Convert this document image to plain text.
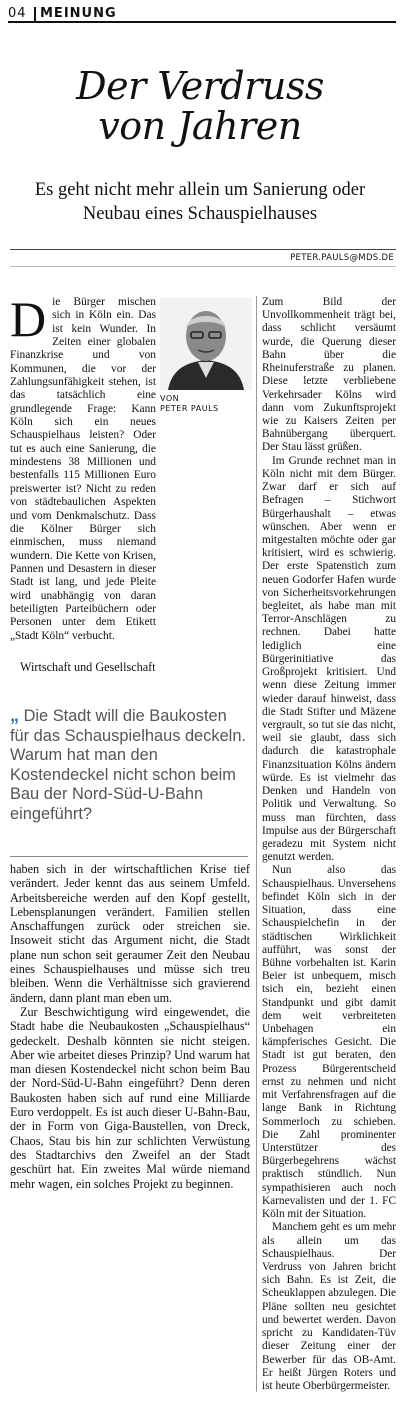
04 MEINUNG
Der Verdruss
von Jahren
Es geht nicht mehr allein um Sanierung oder Neubau eines Schauspielhauses
PETER.PAULS@MDS.DE

Die Bürger mischen sich in Köln ein. Das ist kein Wunder. In Zeiten einer globalen Finanzkrise und von Kommunen, die vor der Zahlungsunfähigkeit stehen, ist das tatsächlich eine grundlegende Frage: Kann Köln sich ein neues Schauspielhaus leisten? Oder tut es auch eine Sanierung, die mindestens 38 Millionen und bestenfalls 115 Millionen Euro preiswerter ist? Nicht zu reden von städtebaulichen Aspekten und vom Denkmalschutz. Dass die Kölner Bürger sich einmischen, muss niemand wundern. Die Kette von Krisen, Pannen und Desastern in dieser Stadt ist lang, und jede Pleite wird unabhängig von daran beteiligten Parteibüchern oder Personen unter dem Etikett „Stadt Köln“ verbucht.

VON
PETER PAULS

Wirtschaft und Gesellschaft

„ Die Stadt will die Baukosten für das Schauspielhaus deckeln. Warum hat man den Kostendeckel nicht schon beim Bau der Nord-Süd-U-Bahn eingeführt?

haben sich in der wirtschaftlichen Krise tief verändert. Jeder kennt das aus seinem Umfeld. Arbeitsbereiche werden auf den Kopf gestellt, Lebensplanungen verändert. Familien stellen Anschaffungen zurück oder streichen sie. Insoweit sticht das Argument nicht, die Stadt plane nun schon seit geraumer Zeit den Neubau eines Schauspielhauses und müsse sich treu bleiben. Wenn die Verhältnisse sich gravierend ändern, dann plant man eben um.

Zur Beschwichtigung wird eingewendet, die Stadt habe die Neubaukosten „Schauspielhaus“ gedeckelt. Deshalb könnten sie nicht steigen. Aber wie arbeitet dieses Prinzip? Und warum hat man diesen Kostendeckel nicht schon beim Bau der Nord-Süd-U-Bahn eingeführt? Denn deren Baukosten haben sich auf rund eine Milliarde Euro verdoppelt. Es ist auch dieser U-Bahn-Bau, der in Form von Giga-Baustellen, von Dreck, Chaos, Stau bis hin zur schlichten Verwüstung des Stadtarchivs den Zweifel an der Stadt geschürt hat. Ein zweites Mal würde niemand mehr wagen, ein solches Projekt zu beginnen.

Zum Bild der Unvollkommenheit trägt bei, dass schlicht versäumt wurde, die Querung dieser Bahn über die Rheinuferstraße zu planen. Diese letzte verbliebene Verkehrsader Kölns wird dann vom Zukunftsprojekt wie zu Kaisers Zeiten per Bahnübergang überquert. Der Stau lässt grüßen.

Im Grunde rechnet man in Köln nicht mit dem Bürger. Zwar darf er sich auf Befragen – Stichwort Bürgerhaushalt – etwas wünschen. Aber wenn er mitgestalten möchte oder gar kritisiert, wird es schwierig. Der erste Spatenstich zum neuen Godorfer Hafen wurde von Sicherheitsvorkehrungen begleitet, als habe man mit Terror-Anschlägen zu rechnen. Dabei hatte lediglich eine Bürgerinitiative das Großprojekt kritisiert. Und wenn diese Zeitung immer wieder darauf hinweist, dass die Stadt Stifter und Mäzene vergrault, so tut sie das nicht, weil sie glaubt, dass sich dadurch die katastrophale Finanzsituation Kölns ändern würde. Es ist vielmehr das Denken und Handeln von Politik und Verwaltung. So muss man fürchten, dass Impulse aus der Bürgerschaft geradezu mit System nicht genutzt werden.

Nun also das Schauspielhaus. Unversehens befindet Köln sich in der Situation, dass eine Schauspielchefin in der städtischen Wirklichkeit aufführt, was sonst der Bühne vorbehalten ist. Karin Beier ist unbequem, misch tsich ein, bezieht einen Standpunkt und gibt damit dem weit verbreiteten Unbehagen ein kämpferisches Gesicht. Die Stadt ist gut beraten, den Prozess Bürgerentscheid ernst zu nehmen und nicht mit Verfahrensfragen auf die lange Bank in Richtung Sommerloch zu schieben. Die Zahl prominenter Unterstützer des Bürgerbegehrens wächst praktisch stündlich. Nun sympathisieren auch noch Karnevalisten und der 1. FC Köln mit der Situation.

Manchem geht es um mehr als allein um das Schauspielhaus. Der Verdruss von Jahren bricht sich Bahn. Es ist Zeit, die Scheuklappen abzulegen. Die Pläne sollten neu gesichtet und bewertet werden. Davon spricht zu Kandidaten-Tüv dieser Zeitung einer der Bewerber für das OB-Amt. Er heißt Jürgen Roters und ist heute Oberbürgermeister.
